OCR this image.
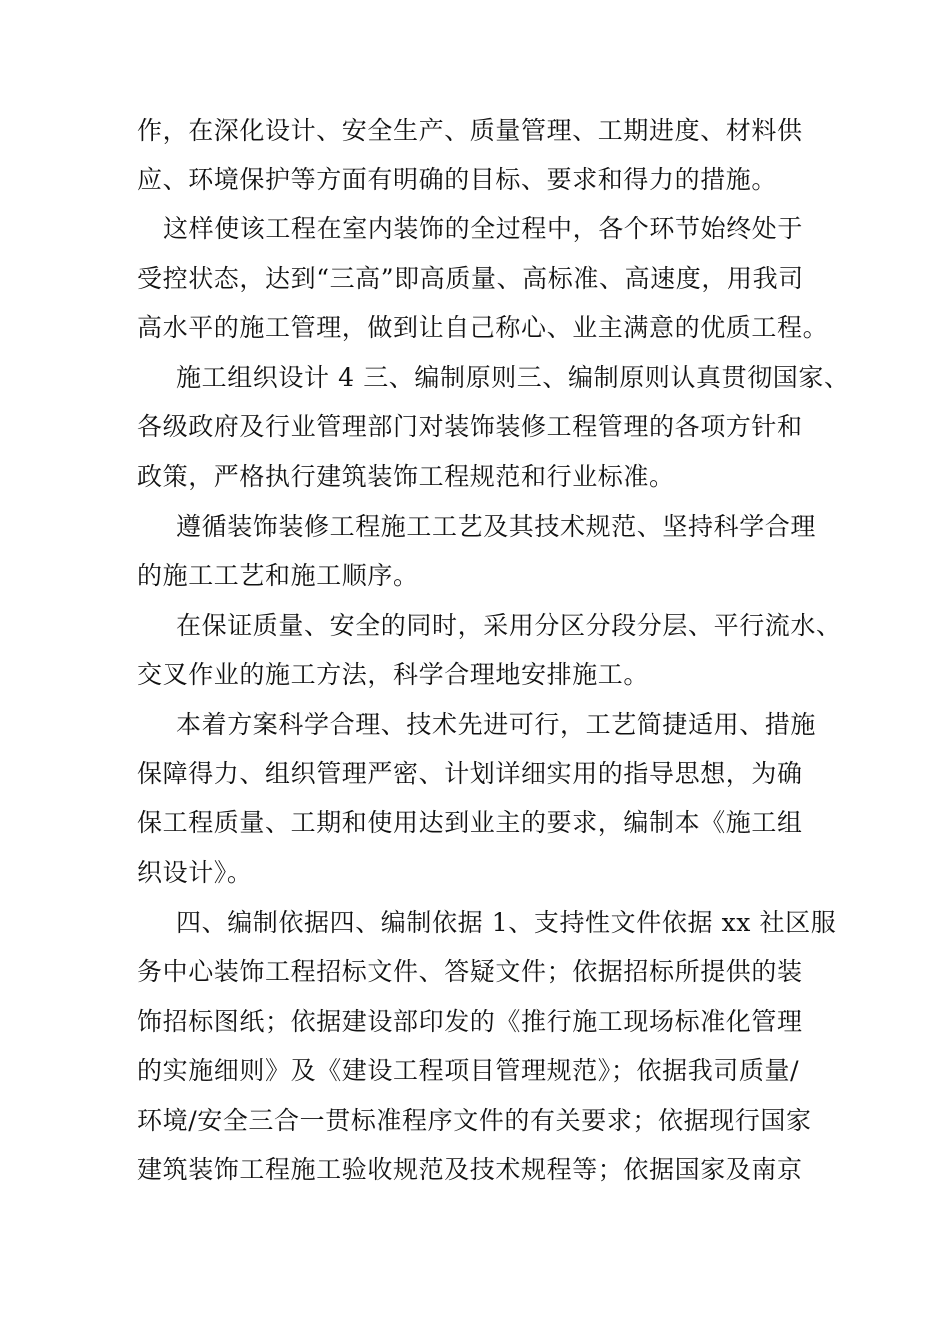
作，在深化设计、安全生产、质量管理、工期进度、材料供
应、环境保护等方面有明确的目标、要求和得力的措施。
这样使该工程在室内装饰的全过程中，各个环节始终处于
受控状态，达到“三高”即高质量、高标准、高速度，用我司
高水平的施工管理，做到让自己称心、业主满意的优质工程。
施工组织设计 4 三、编制原则三、编制原则认真贯彻国家、
各级政府及行业管理部门对装饰装修工程管理的各项方针和
政策，严格执行建筑装饰工程规范和行业标准。
遵循装饰装修工程施工工艺及其技术规范、坚持科学合理
的施工工艺和施工顺序。
在保证质量、安全的同时，采用分区分段分层、平行流水、
交叉作业的施工方法，科学合理地安排施工。
本着方案科学合理、技术先进可行，工艺简捷适用、措施
保障得力、组织管理严密、计划详细实用的指导思想，为确
保工程质量、工期和使用达到业主的要求，编制本《施工组
织设计》。
四、编制依据四、编制依据 1、支持性文件依据 xx 社区服
务中心装饰工程招标文件、答疑文件；依据招标所提供的装
饰招标图纸；依据建设部印发的《推行施工现场标准化管理
的实施细则》及《建设工程项目管理规范》；依据我司质量/
环境/安全三合一贯标准程序文件的有关要求；依据现行国家
建筑装饰工程施工验收规范及技术规程等；依据国家及南京
